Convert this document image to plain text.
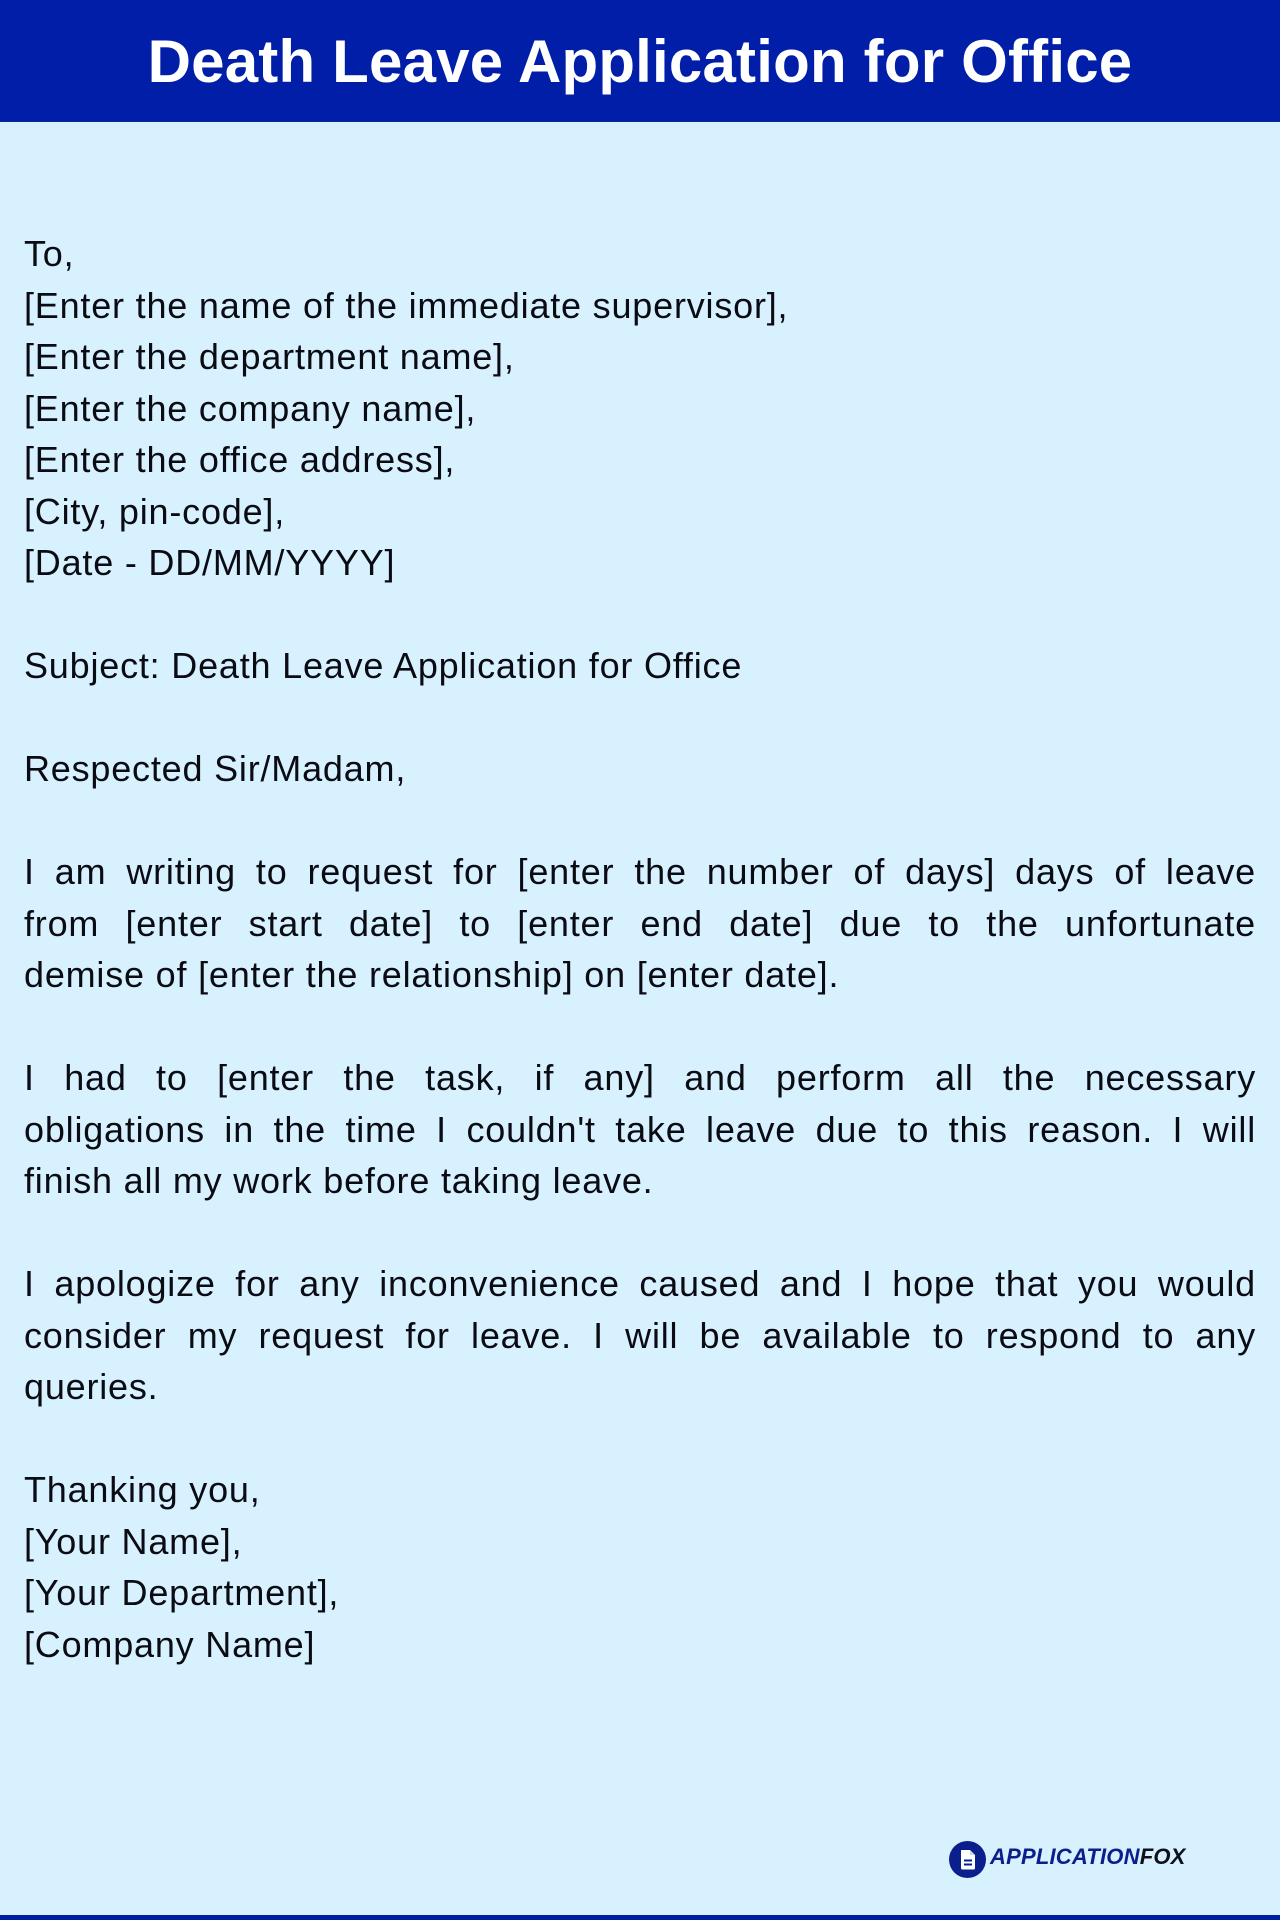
Death Leave Application for Office
To,
[Enter the name of the immediate supervisor],
[Enter the department name],
[Enter the company name],
[Enter the office address],
[City, pin-code],
[Date - DD/MM/YYYY]
Subject: Death Leave Application for Office
Respected Sir/Madam,
I am writing to request for [enter the number of days] days of leave
from [enter start date] to [enter end date] due to the unfortunate
demise of [enter the relationship] on [enter date].
I had to [enter the task, if any] and perform all the necessary
obligations in the time I couldn't take leave due to this reason. I will
finish all my work before taking leave.
I apologize for any inconvenience caused and I hope that you would
consider my request for leave. I will be available to respond to any
queries.
Thanking you,
[Your Name],
[Your Department],
[Company Name]
APPLICATIONFOX
